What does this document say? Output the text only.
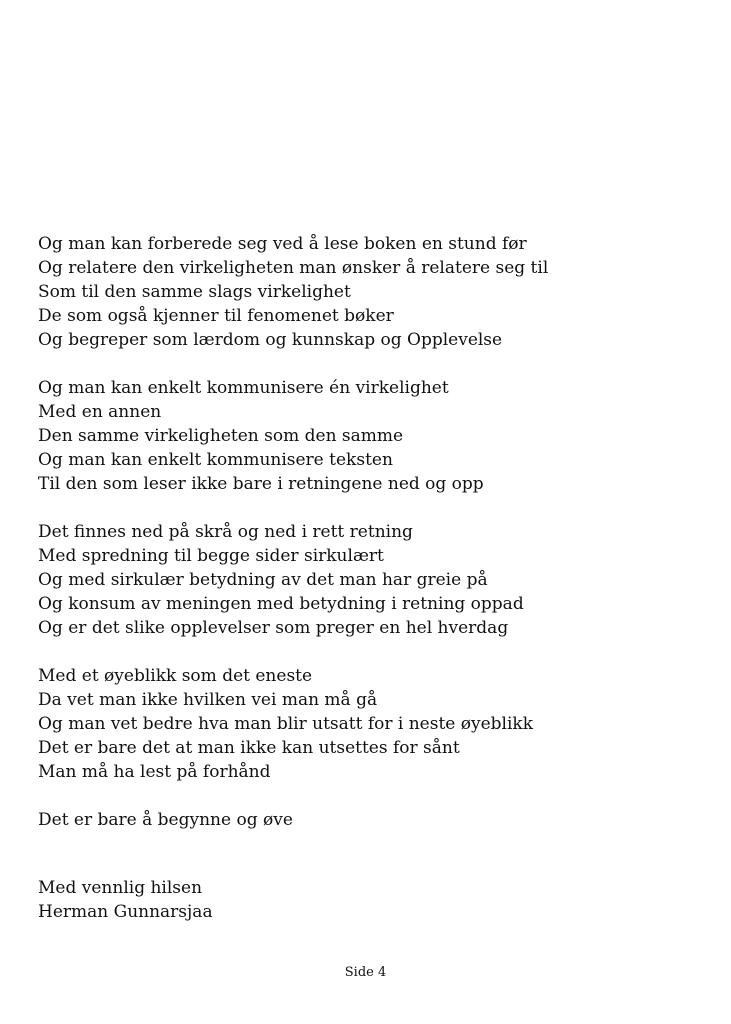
Og man kan forberede seg ved å lese boken en stund før
Og relatere den virkeligheten man ønsker å relatere seg til
Som til den samme slags virkelighet
De som også kjenner til fenomenet bøker
Og begreper som lærdom og kunnskap og Opplevelse
Og man kan enkelt kommunisere én virkelighet
Med en annen
Den samme virkeligheten som den samme
Og man kan enkelt kommunisere teksten
Til den som leser ikke bare i retningene ned og opp
Det finnes ned på skrå og ned i rett retning
Med spredning til begge sider sirkulært
Og med sirkulær betydning av det man har greie på
Og konsum av meningen med betydning i retning oppad
Og er det slike opplevelser som preger en hel hverdag
Med et øyeblikk som det eneste
Da vet man ikke hvilken vei man må gå
Og man vet bedre hva man blir utsatt for i neste øyeblikk
Det er bare det at man ikke kan utsettes for sånt
Man må ha lest på forhånd
Det er bare å begynne og øve
Med vennlig hilsen
Herman Gunnarsjaa
Side 4
